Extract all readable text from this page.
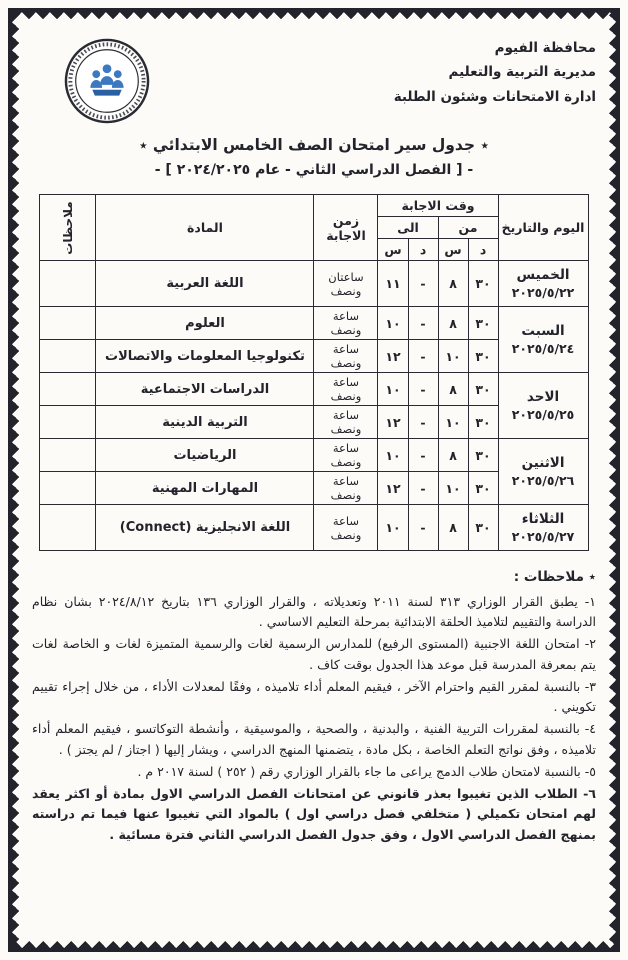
محافظة الفيوم
مديرية التربية والتعليم
ادارة الامتحانات وشئون الطلبة
٭ جدول سير امتحان الصف الخامس الابتدائي ٭
- [ الفصل الدراسي الثاني - عام ٢٠٢٤/٢٠٢٥ ] -
اليوم والتاريخ	وقت الاجابة				زمن الاجابة	المادة	ملاحظات

	من		الى				
	د	س	د	س			

الخميس
٢٠٢٥/٥/٢٢	٣٠	٨	-	١١	ساعتان ونصف	اللغة العربية	

السبت
٢٠٢٥/٥/٢٤	٣٠	٨	-	١٠	ساعة ونصف	العلوم	
	٣٠	١٠	-	١٢	ساعة ونصف	تكنولوجيا المعلومات والاتصالات	

الاحد
٢٠٢٥/٥/٢٥	٣٠	٨	-	١٠	ساعة ونصف	الدراسات الاجتماعية	
	٣٠	١٠	-	١٢	ساعة ونصف	التربية الدينية	

الاثنين
٢٠٢٥/٥/٢٦	٣٠	٨	-	١٠	ساعة ونصف	الرياضيات	
	٣٠	١٠	-	١٢	ساعة ونصف	المهارات المهنية	

الثلاثاء
٢٠٢٥/٥/٢٧	٣٠	٨	-	١٠	ساعة ونصف	اللغة الانجليزية (Connect)	
٭ ملاحظات :

١- يطبق القرار الوزاري ٣١٣ لسنة ٢٠١١ وتعديلاته ، والقرار الوزاري ١٣٦ بتاريخ ٢٠٢٤/٨/١٢ بشان نظام الدراسة والتقييم لتلاميذ الحلقة الابتدائية بمرحلة التعليم الاساسي .

٢- امتحان اللغة الاجنبية (المستوى الرفيع) للمدارس الرسمية لغات والرسمية المتميزة لغات و الخاصة لغات يتم بمعرفة المدرسة قبل موعد هذا الجدول بوقت كاف .

٣- بالنسبة لمقرر القيم واحترام الآخر ، فيقيم المعلم أداء تلاميذه ، وفقًا لمعدلات الأداء ، من خلال إجراء تقييم تكويني .

٤- بالنسبة لمقررات التربية الفنية ، والبدنية ، والصحية ، والموسيقية ، وأنشطة التوكاتسو ، فيقيم المعلم أداء تلاميذه ، وفق نواتج التعلم الخاصة ، بكل مادة ، يتضمنها المنهج الدراسي ، ويشار إليها ( اجتاز / لم يجتز ) .

٥- بالنسبة لامتحان طلاب الدمج يراعى ما جاء بالقرار الوزاري رقم ( ٢٥٢ ) لسنة ٢٠١٧ م .

٦- الطلاب الذين تغيبوا بعذر قانوني عن امتحانات الفصل الدراسي الاول بمادة أو اكثر يعقد لهم امتحان تكميلي ( متخلفي فصل دراسي اول ) بالمواد التي تغيبوا عنها فيما تم دراسته بمنهج الفصل الدراسي الاول ، وفق جدول الفصل الدراسي الثاني فترة مسائية .
